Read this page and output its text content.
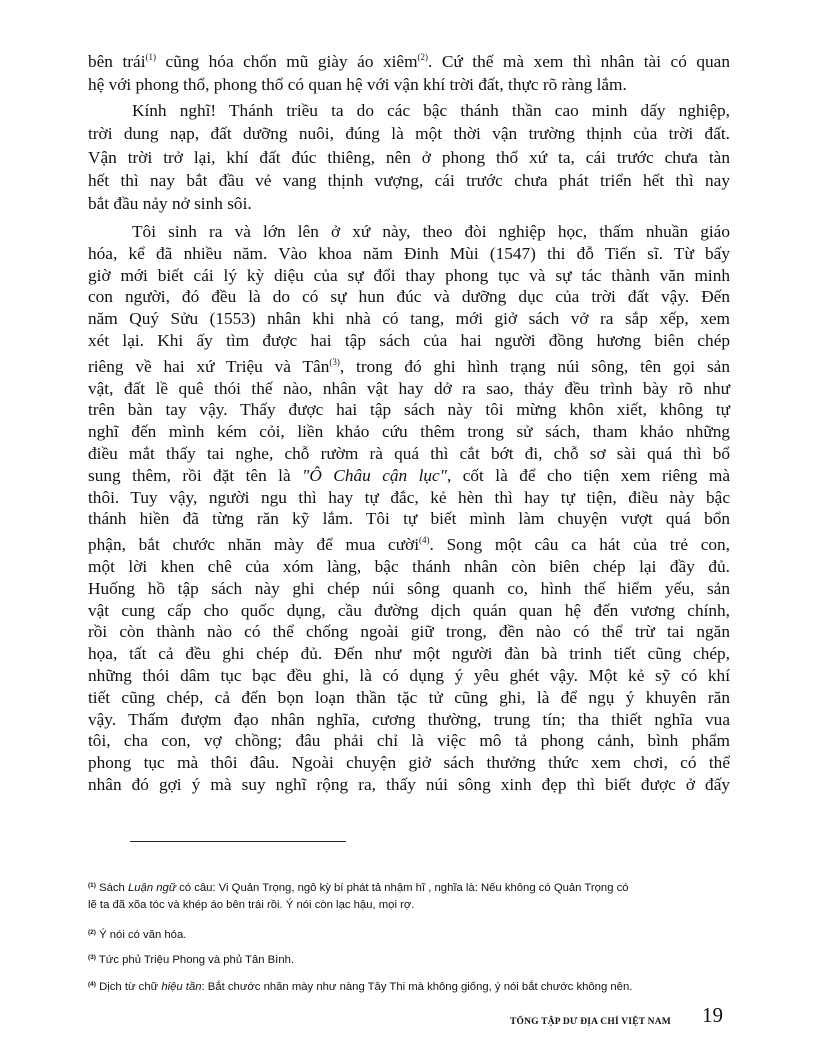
bên trái$^{(1)}$ cũng hóa chốn mũ giày áo xiêm$^{(2)}$. Cứ thế mà xem thì nhân tài có quan
hệ với phong thổ, phong thổ có quan hệ với vận khí trời đất, thực rõ ràng lắm.
Kính nghĩ! Thánh triều ta do các bậc thánh thần cao minh dấy nghiệp,
trời dung nạp, đất dưỡng nuôi, đúng là một thời vận trường thịnh của trời đất.
Vận trời trở lại, khí đất đúc thiêng, nên ở phong thổ xứ ta, cái trước chưa tàn
hết thì nay bắt đầu vẻ vang thịnh vượng, cái trước chưa phát triển hết thì nay
bắt đầu nảy nở sinh sôi.
Tôi sinh ra và lớn lên ở xứ này, theo đòi nghiệp học, thấm nhuần giáo
hóa, kể đã nhiều năm. Vào khoa năm Đinh Mùi (1547) thi đỗ Tiến sĩ. Từ bấy
giờ mới biết cái lý kỳ diệu của sự đổi thay phong tục và sự tác thành văn minh
con người, đó đều là do có sự hun đúc và dưỡng dục của trời đất vậy. Đến
năm Quý Sửu (1553) nhân khi nhà có tang, mới giở sách vở ra sắp xếp, xem
xét lại. Khi ấy tìm được hai tập sách của hai người đồng hương biên chép
riêng về hai xứ Triệu và Tân$^{(3)}$, trong đó ghi hình trạng núi sông, tên gọi sản
vật, đất lề quê thói thế nào, nhân vật hay dở ra sao, thảy đều trình bày rõ như
trên bàn tay vậy. Thấy được hai tập sách này tôi mừng khôn xiết, không tự
nghĩ đến mình kém cỏi, liền khảo cứu thêm trong sử sách, tham khảo những
điều mắt thấy tai nghe, chỗ rườm rà quá thì cắt bớt đi, chỗ sơ sài quá thì bổ
sung thêm, rồi đặt tên là "Ô Châu cận lục", cốt là để cho tiện xem riêng mà
thôi. Tuy vậy, người ngu thì hay tự đắc, kẻ hèn thì hay tự tiện, điều này bậc
thánh hiền đã từng răn kỹ lắm. Tôi tự biết mình làm chuyện vượt quá bổn
phận, bắt chước nhăn mày để mua cười$^{(4)}$. Song một câu ca hát của trẻ con,
một lời khen chê của xóm làng, bậc thánh nhân còn biên chép lại đầy đủ.
Huống hồ tập sách này ghi chép núi sông quanh co, hình thế hiểm yếu, sản
vật cung cấp cho quốc dụng, cầu đường dịch quán quan hệ đến vương chính,
rồi còn thành nào có thể chống ngoài giữ trong, đền nào có thể trừ tai ngăn
họa, tất cả đều ghi chép đủ. Đến như một người đàn bà trinh tiết cũng chép,
những thói dâm tục bạc đều ghi, là có dụng ý yêu ghét vậy. Một kẻ sỹ có khí
tiết cũng chép, cả đến bọn loạn thần tặc tử cũng ghi, là để ngụ ý khuyên răn
vậy. Thấm đượm đạo nhân nghĩa, cương thường, trung tín; tha thiết nghĩa vua
tôi, cha con, vợ chồng; đâu phải chỉ là việc mô tả phong cảnh, bình phẩm
phong tục mà thôi đâu. Ngoài chuyện giở sách thưởng thức xem chơi, có thể
nhân đó gợi ý mà suy nghĩ rộng ra, thấy núi sông xinh đẹp thì biết được ở đấy
$^{(1)}$ Sách Luận ngữ có câu: Vi Quản Trọng, ngô kỳ bí phát tả nhậm hĩ , nghĩa là: Nếu không có Quản Trọng có
lẽ ta đã xõa tóc và khép áo bên trái rồi. Ý nói còn lạc hậu, mọi rợ.
$^{(2)}$ Ý nói có văn hóa.
$^{(3)}$ Tức phủ Triệu Phong và phủ Tân Bình.
$^{(4)}$ Dịch từ chữ hiệu tần: Bắt chước nhăn mày như nàng Tây Thi mà không giống, ý nói bắt chước không nên.
TỔNG TẬP DƯ ĐỊA CHÍ VIỆT NAM 19
